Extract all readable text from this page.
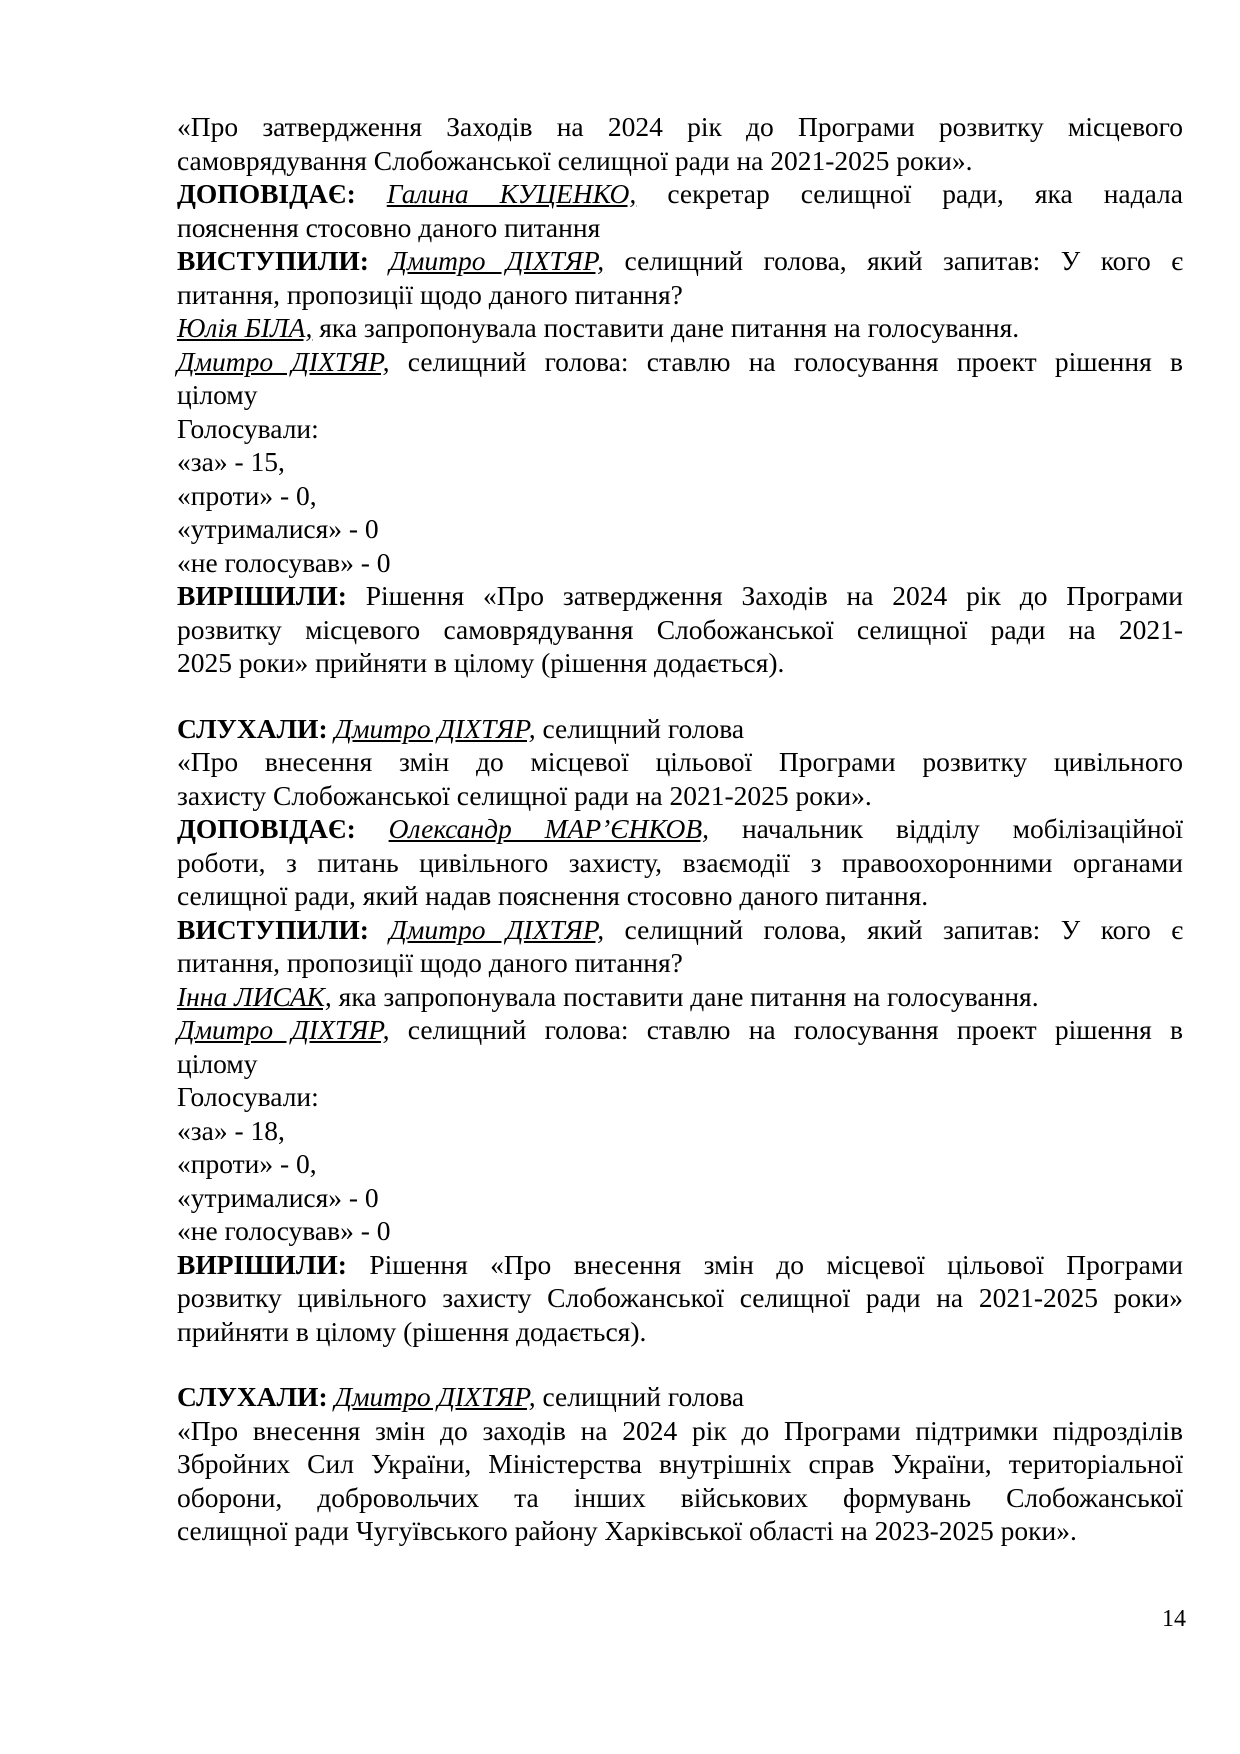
«Про затвердження Заходів на 2024 рік до Програми розвитку місцевого

самоврядування Слобожанської селищної ради на 2021-2025 роки».

ДОПОВІДАЄ: Галина КУЦЕНКО, секретар селищної ради, яка надала

пояснення стосовно даного питання

ВИСТУПИЛИ: Дмитро ДІХТЯР, селищний голова, який запитав: У кого є

питання, пропозиції щодо даного питання?

Юлія БІЛА, яка запропонувала поставити дане питання на голосування.

Дмитро ДІХТЯР, селищний голова: ставлю на голосування проект рішення в

цілому

Голосували:

«за» - 15,

«проти» - 0,

«утрималися» - 0

«не голосував» - 0

ВИРІШИЛИ: Рішення «Про затвердження Заходів на 2024 рік до Програми

розвитку місцевого самоврядування Слобожанської селищної ради на 2021-

2025 роки» прийняти в цілому (рішення додається).

СЛУХАЛИ: Дмитро ДІХТЯР, селищний голова

«Про внесення змін до місцевої цільової Програми розвитку цивільного

захисту Слобожанської селищної ради на 2021-2025 роки».

ДОПОВІДАЄ: Олександр МАР’ЄНКОВ, начальник відділу мобілізаційної

роботи, з питань цивільного захисту, взаємодії з правоохоронними органами

селищної ради, який надав пояснення стосовно даного питання.

ВИСТУПИЛИ: Дмитро ДІХТЯР, селищний голова, який запитав: У кого є

питання, пропозиції щодо даного питання?

Інна ЛИСАК, яка запропонувала поставити дане питання на голосування.

Дмитро ДІХТЯР, селищний голова: ставлю на голосування проект рішення в

цілому

Голосували:

«за» - 18,

«проти» - 0,

«утрималися» - 0

«не голосував» - 0

ВИРІШИЛИ: Рішення «Про внесення змін до місцевої цільової Програми

розвитку цивільного захисту Слобожанської селищної ради на 2021-2025 роки»

прийняти в цілому (рішення додається).

СЛУХАЛИ: Дмитро ДІХТЯР, селищний голова

«Про внесення змін до заходів на 2024 рік до Програми підтримки підрозділів

Збройних Сил України, Міністерства внутрішніх справ України, територіальної

оборони, добровольчих та інших військових формувань Слобожанської

селищної ради Чугуївського району Харківської області на 2023-2025 роки».

14
